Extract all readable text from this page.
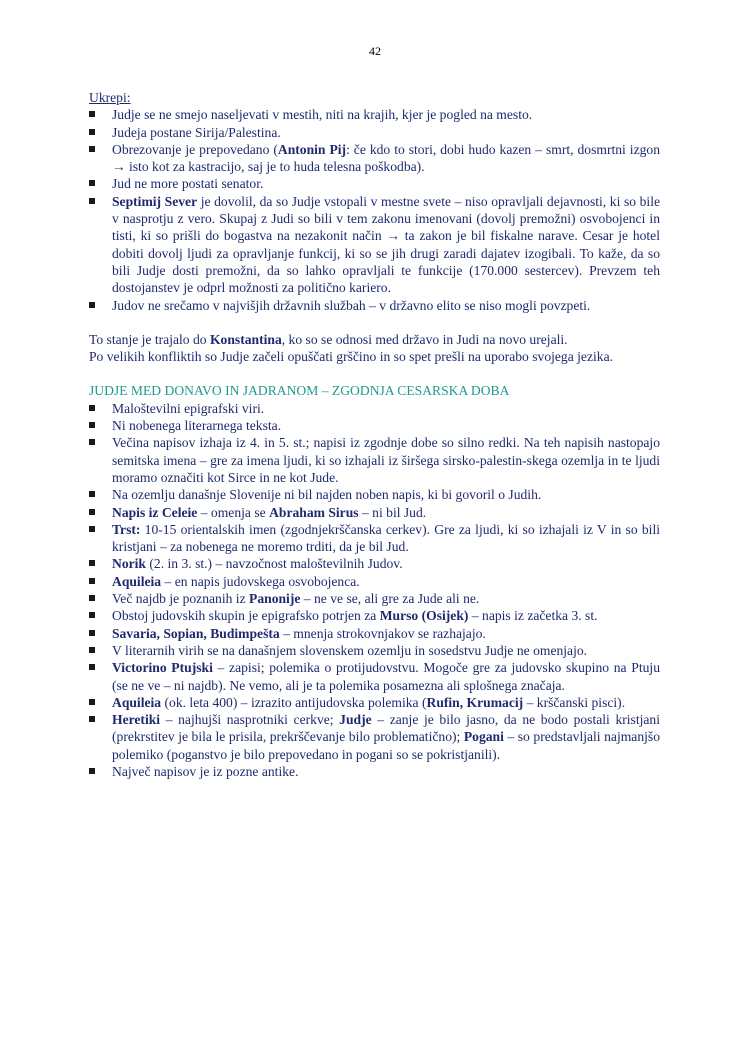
42
Ukrepi:
Judje se ne smejo naseljevati v mestih, niti na krajih, kjer je pogled na mesto.
Judeja postane Sirija/Palestina.
Obrezovanje je prepovedano (Antonin Pij: če kdo to stori, dobi hudo kazen – smrt, dosmrtni izgon → isto kot za kastracijo, saj je to huda telesna poškodba).
Jud ne more postati senator.
Septimij Sever je dovolil, da so Judje vstopali v mestne svete – niso opravljali dejavnosti, ki so bile v nasprotju z vero. Skupaj z Judi so bili v tem zakonu imenovani (dovolj premožni) osvobojenci in tisti, ki so prišli do bogastva na nezakonit način → ta zakon je bil fiskalne narave. Cesar je hotel dobiti dovolj ljudi za opravljanje funkcij, ki so se jih drugi zaradi dajatev izogibali. To kaže, da so bili Judje dosti premožni, da so lahko opravljali te funkcije (170.000 sestercev). Prevzem teh dostojanstev je odprl možnosti za politično kariero.
Judov ne srečamo v najvišjih državnih službah – v državno elito se niso mogli povzpeti.

To stanje je trajalo do Konstantina, ko so se odnosi med državo in Judi na novo urejali.

Po velikih konfliktih so Judje začeli opuščati grščino in so spet prešli na uporabo svojega jezika.

JUDJE MED DONAVO IN JADRANOM – ZGODNJA CESARSKA DOBA
Maloštevilni epigrafski viri.
Ni nobenega literarnega teksta.
Večina napisov izhaja iz 4. in 5. st.; napisi iz zgodnje dobe so silno redki. Na teh napisih nastopajo semitska imena – gre za imena ljudi, ki so izhajali iz širšega sirsko-palestin-skega ozemlja in te ljudi moramo označiti kot Sirce in ne kot Jude.
Na ozemlju današnje Slovenije ni bil najden noben napis, ki bi govoril o Judih.
Napis iz Celeie – omenja se Abraham Sirus – ni bil Jud.
Trst: 10-15 orientalskih imen (zgodnjekrščanska cerkev). Gre za ljudi, ki so izhajali iz V in so bili kristjani – za nobenega ne moremo trditi, da je bil Jud.
Norik (2. in 3. st.) – navzočnost maloštevilnih Judov.
Aquileia – en napis judovskega osvobojenca.
Več najdb je poznanih iz Panonije – ne ve se, ali gre za Jude ali ne.
Obstoj judovskih skupin je epigrafsko potrjen za Murso (Osijek) – napis iz začetka 3. st.
Savaria, Sopian, Budimpešta – mnenja strokovnjakov se razhajajo.
V literarnih virih se na današnjem slovenskem ozemlju in sosedstvu Judje ne omenjajo.
Victorino Ptujski – zapisi; polemika o protijudovstvu. Mogoče gre za judovsko skupino na Ptuju (se ne ve – ni najdb). Ne vemo, ali je ta polemika posamezna ali splošnega značaja.
Aquileia (ok. leta 400) – izrazito antijudovska polemika (Rufin, Krumacij – krščanski pisci).
Heretiki – najhujši nasprotniki cerkve; Judje – zanje je bilo jasno, da ne bodo postali kristjani (prekrstitev je bila le prisila, prekrščevanje bilo problematično); Pogani – so predstavljali najmanjšo polemiko (poganstvo je bilo prepovedano in pogani so se pokristjanili).
Največ napisov je iz pozne antike.
